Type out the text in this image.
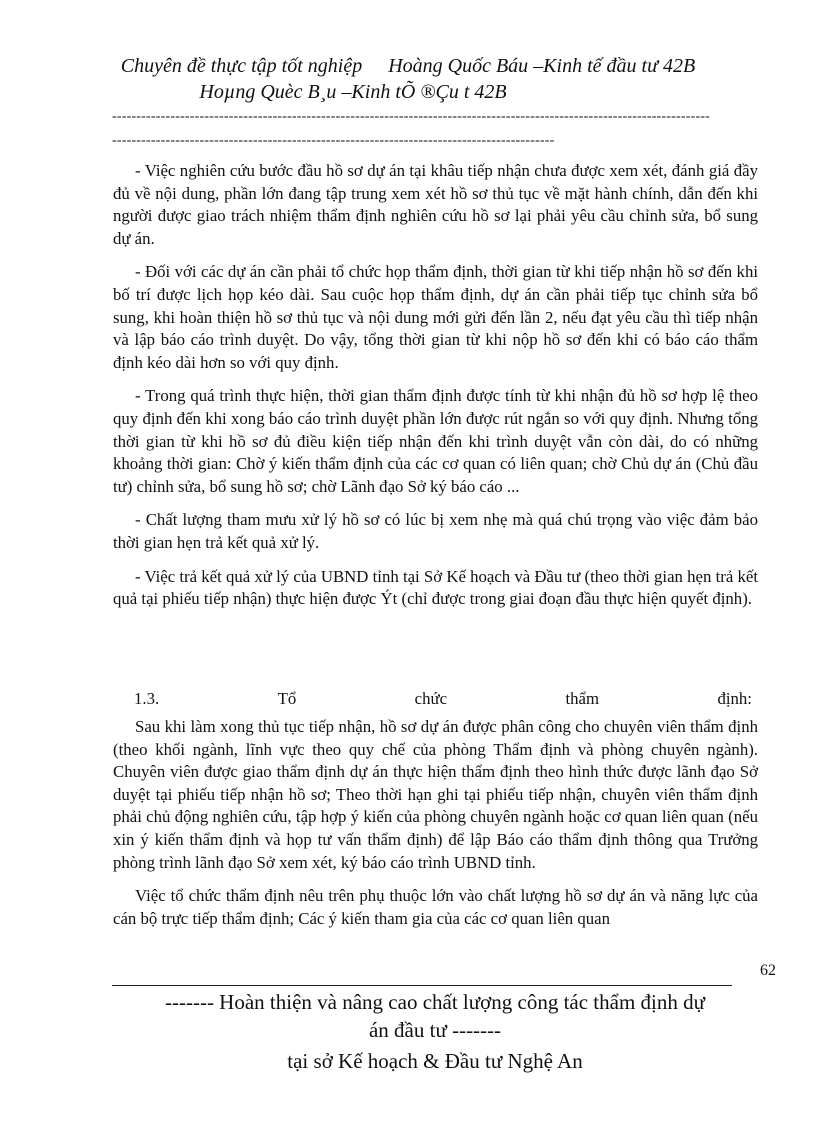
Chuyên đề thực tập tốt nghiệp Hoàng Quốc Báu –Kinh tế đầu tư 42B
Hoµng Quèc B¸u –Kinh tÕ ®Çu t 42B
---------------------------------------------------------------------------------------------------------------------------
-------------------------------------------------------------------------------------------

- Việc nghiên cứu bước đầu hồ sơ dự án tại khâu tiếp nhận chưa được xem xét, đánh giá đầy đủ về nội dung, phần lớn đang tập trung xem xét hồ sơ thủ tục về mặt hành chính, dẫn đến khi người được giao trách nhiệm thẩm định nghiên cứu hồ sơ lại phải yêu cầu chỉnh sửa, bổ sung dự án.

- Đối với các dự án cần phải tổ chức họp thẩm định, thời gian từ khi tiếp nhận hồ sơ đến khi bố trí được lịch họp kéo dài. Sau cuộc họp thẩm định, dự án cần phải tiếp tục chỉnh sửa bổ sung, khi hoàn thiện hồ sơ thủ tục và nội dung mới gửi đến lần 2, nếu đạt yêu cầu thì tiếp nhận và lập báo cáo trình duyệt. Do vậy, tổng thời gian từ khi nộp hồ sơ đến khi có báo cáo thẩm định kéo dài hơn so với quy định.

- Trong quá trình thực hiện, thời gian thẩm định được tính từ khi nhận đủ hồ sơ hợp lệ theo quy định đến khi xong báo cáo trình duyệt phần lớn được rút ngắn so với quy định. Nhưng tổng thời gian từ khi hồ sơ đủ điều kiện tiếp nhận đến khi trình duyệt vẫn còn dài, do có những khoảng thời gian: Chờ ý kiến thẩm định của các cơ quan có liên quan; chờ Chủ dự án (Chủ đầu tư) chỉnh sửa, bổ sung hồ sơ; chờ Lãnh đạo Sở ký báo cáo ...

- Chất lượng tham mưu xử lý hồ sơ có lúc bị xem nhẹ mà quá chú trọng vào việc đảm bảo thời gian hẹn trả kết quả xử lý.

- Việc trả kết quả xử lý của UBND tỉnh tại Sở Kế hoạch và Đầu tư (theo thời gian hẹn trả kết quả tại phiếu tiếp nhận) thực hiện được Ýt (chỉ được trong giai đoạn đầu thực hiện quyết định).

1.3.	Tổ	chức	thẩm	định:

Sau khi làm xong thủ tục tiếp nhận, hồ sơ dự án được phân công cho chuyên viên thẩm định (theo khối ngành, lĩnh vực theo quy chế của phòng Thẩm định và phòng chuyên ngành). Chuyên viên được giao thẩm định dự án thực hiện thẩm định theo hình thức được lãnh đạo Sở duyệt tại phiếu tiếp nhận hồ sơ; Theo thời hạn ghi tại phiếu tiếp nhận, chuyên viên thẩm định phải chủ động nghiên cứu, tập hợp ý kiến của phòng chuyên ngành hoặc cơ quan liên quan (nếu xin ý kiến thẩm định và họp tư vấn thẩm định) để lập Báo cáo thẩm định thông qua Trưởng phòng trình lãnh đạo Sở xem xét, ký báo cáo trình UBND tỉnh.

Việc tổ chức thẩm định nêu trên phụ thuộc lớn vào chất lượng hồ sơ dự án và năng lực của cán bộ trực tiếp thẩm định; Các ý kiến tham gia của các cơ quan liên quan

62
------- Hoàn thiện và nâng cao chất lượng công tác thẩm định dự
án đầu tư -------
tại sở Kế hoạch & Đầu tư Nghệ An
